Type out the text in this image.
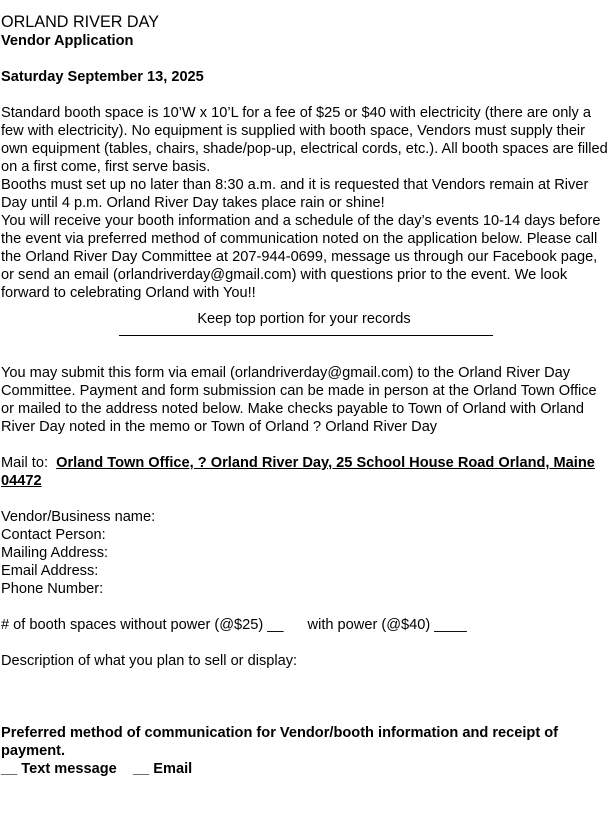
ORLAND RIVER DAY
Vendor Application
Saturday September 13, 2025

Standard booth space is 10’W x 10’L for a fee of $25 or $40 with electricity (there are only a few with electricity). No equipment is supplied with booth space, Vendors must supply their own equipment (tables, chairs, shade/pop-up, electrical cords, etc.). All booth spaces are filled on a first come, first serve basis.

Booths must set up no later than 8:30 a.m. and it is requested that Vendors remain at River Day until 4 p.m. Orland River Day takes place rain or shine!

You will receive your booth information and a schedule of the day’s events 10-14 days before the event via preferred method of communication noted on the application below. Please call the Orland River Day Committee at 207-944-0699, message us through our Facebook page, or send an email (orlandriverday@gmail.com) with questions prior to the event. We look forward to celebrating Orland with You!!

Keep top portion for your records

You may submit this form via email (orlandriverday@gmail.com) to the Orland River Day Committee. Payment and form submission can be made in person at the Orland Town Office or mailed to the address noted below. Make checks payable to Town of Orland with Orland River Day noted in the memo or Town of Orland ? Orland River Day

Mail to:  Orland Town Office, ? Orland River Day, 25 School House Road Orland, Maine 04472

Vendor/Business name:
Contact Person:
Mailing Address:
Email Address:
Phone Number:
# of booth spaces without power (@$25) __ with power (@$40) ____
Description of what you plan to sell or display:

Preferred method of communication for Vendor/booth information and receipt of payment.

__ Text message    __ Email
